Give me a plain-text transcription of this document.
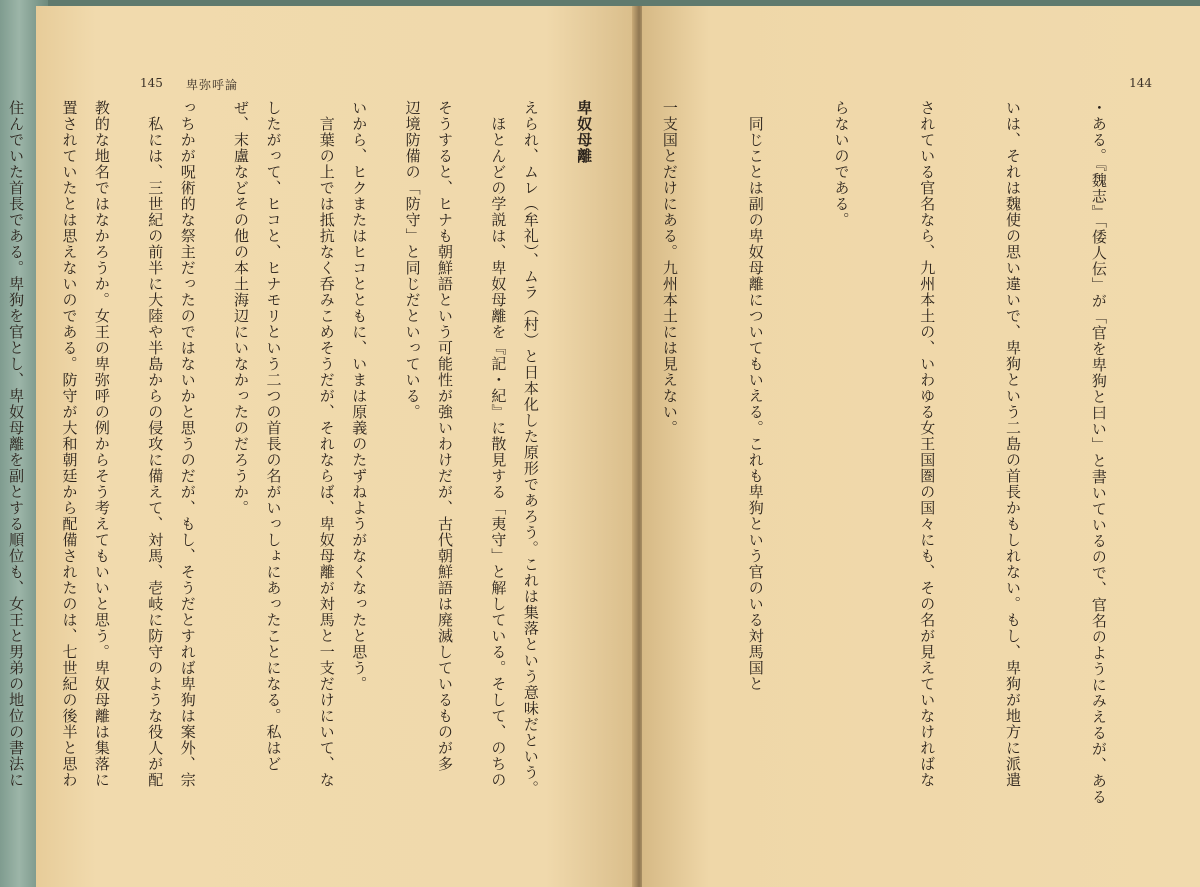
145 卑弥呼論

えられ、ムレ（牟礼）、ムラ（村）と日本化した原形であろう。これは集落という意味だという。

そうすると、ヒナも朝鮮語という可能性が強いわけだが、古代朝鮮語は廃滅しているものが多

いから、ヒクまたはヒコとともに、いまは原義のたずねようがなくなったと思う。

したがって、ヒコと、ヒナモリという二つの首長の名がいっしょにあったことになる。私はど

っちかが呪術的な祭主だったのではないかと思うのだが、もし、そうだとすれば卑狗は案外、宗

教的な地名ではなかろうか。女王の卑弥呼の例からそう考えてもいいと思う。卑奴母離は集落に

住んでいた首長である。卑狗を官とし、卑奴母離を副とする順位も、女王と男弟の地位の書法に

144

・ある。『魏志』「倭人伝」が「官を卑狗と曰い」と書いているので、官名のようにみえるが、ある

いは、それは魏使の思い違いで、卑狗という二島の首長かもしれない。もし、卑狗が地方に派遣

されている官名なら、九州本土の、いわゆる女王国圏の国々にも、その名が見えていなければな

らないのである。

　同じことは副の卑奴母離についてもいえる。これも卑狗という官のいる対馬国と

一支国とだけにある。九州本土には見えない。

卑奴母離

　ほとんどの学説は、卑奴母離を『記・紀』に散見する「夷守」と解している。そして、のちの

辺境防備の「防守」と同じだといっている。

　言葉の上では抵抗なく呑みこめそうだが、それならば、卑奴母離が対馬と一支だけにいて、な

ぜ、末盧などその他の本土海辺にいなかったのだろうか。

　私には、三世紀の前半に大陸や半島からの侵攻に備えて、対馬、壱岐に防守のような役人が配

置されていたとは思えないのである。防守が大和朝廷から配備されたのは、七世紀の後半と思わ
